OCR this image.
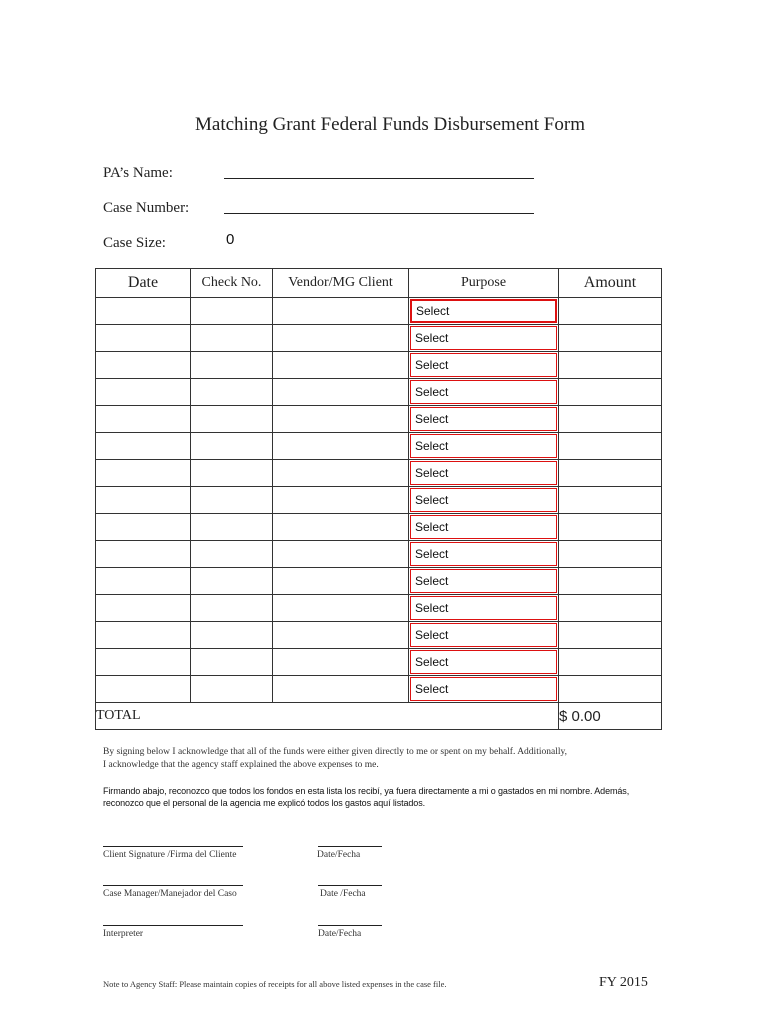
Matching Grant Federal Funds Disbursement Form
PA’s Name:
Case Number:
Case Size:	0
Date	Check No.	Vendor/MG Client	Purpose	Amount

			Select	

			Select	

			Select	

			Select	

			Select	

			Select	

			Select	

			Select	

			Select	

			Select	

			Select	

			Select	

			Select	

			Select	

			Select	

TOTAL				$ 0.00
By signing below I acknowledge that all of the funds were either given directly to me or spent on my behalf. Additionally,
I acknowledge that the agency staff explained the above expenses to me.
Firmando abajo, reconozco que todos los fondos en esta lista los recibí, ya fuera directamente a mi o gastados en mi nombre. Además,
reconozco que el personal de la agencia me explicó todos los gastos aquí listados.
Client Signature /Firma del Cliente	Date/Fecha
Case Manager/Manejador del Caso	Date /Fecha
Interpreter	Date/Fecha
Note to Agency Staff: Please maintain copies of receipts for all above listed expenses in the case file.	FY 2015
